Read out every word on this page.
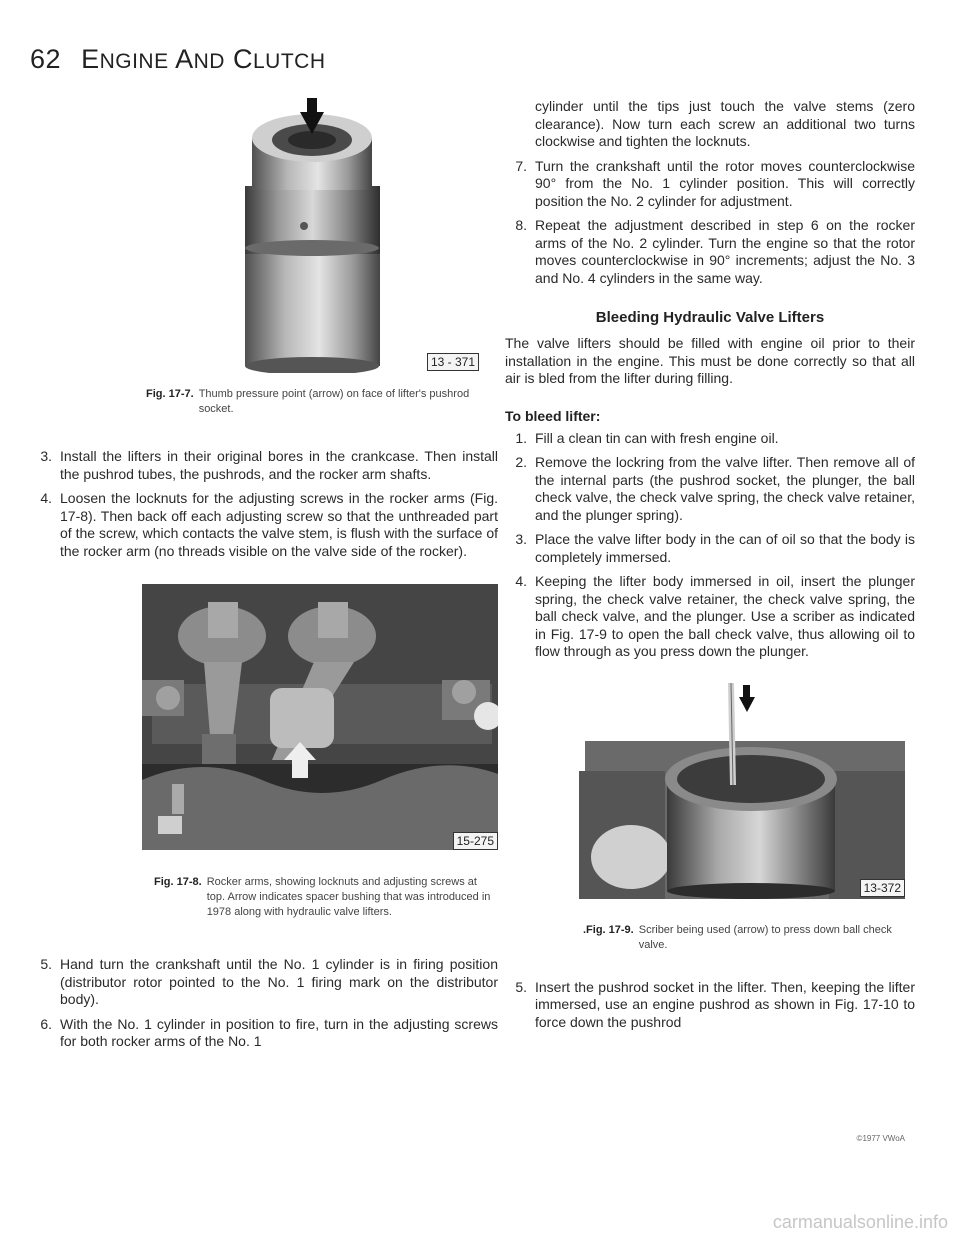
62 ENGINE AND CLUTCH
13 - 371
Fig. 17-7. Thumb pressure point (arrow) on face of lifter's pushrod socket.
3. Install the lifters in their original bores in the crankcase. Then install the pushrod tubes, the pushrods, and the rocker arm shafts.
4. Loosen the locknuts for the adjusting screws in the rocker arms (Fig. 17-8). Then back off each adjusting screw so that the unthreaded part of the screw, which contacts the valve stem, is flush with the surface of the rocker arm (no threads visible on the valve side of the rocker).
15-275
Fig. 17-8. Rocker arms, showing locknuts and adjusting screws at top. Arrow indicates spacer bushing that was introduced in 1978 along with hydraulic valve lifters.
5. Hand turn the crankshaft until the No. 1 cylinder is in firing position (distributor rotor pointed to the No. 1 firing mark on the distributor body).
6. With the No. 1 cylinder in position to fire, turn in the adjusting screws for both rocker arms of the No. 1

cylinder until the tips just touch the valve stems (zero clearance). Now turn each screw an additional two turns clockwise and tighten the locknuts.

7. Turn the crankshaft until the rotor moves counterclockwise 90° from the No. 1 cylinder position. This will correctly position the No. 2 cylinder for adjustment.
8. Repeat the adjustment described in step 6 on the rocker arms of the No. 2 cylinder. Turn the engine so that the rotor moves counterclockwise in 90° increments; adjust the No. 3 and No. 4 cylinders in the same way.
Bleeding Hydraulic Valve Lifters

The valve lifters should be filled with engine oil prior to their installation in the engine. This must be done correctly so that all air is bled from the lifter during filling.

To bleed lifter:

1. Fill a clean tin can with fresh engine oil.
2. Remove the lockring from the valve lifter. Then remove all of the internal parts (the pushrod socket, the plunger, the ball check valve, the check valve spring, the check valve retainer, and the plunger spring).
3. Place the valve lifter body in the can of oil so that the body is completely immersed.
4. Keeping the lifter body immersed in oil, insert the plunger spring, the check valve retainer, the check valve spring, the ball check valve, and the plunger. Use a scriber as indicated in Fig. 17-9 to open the ball check valve, thus allowing oil to flow through as you press down the plunger.
13-372
.Fig. 17-9. Scriber being used (arrow) to press down ball check valve.
5. Insert the pushrod socket in the lifter. Then, keeping the lifter immersed, use an engine pushrod as shown in Fig. 17-10 to force down the pushrod
©1977 VWoA
carmanualsonline.info
